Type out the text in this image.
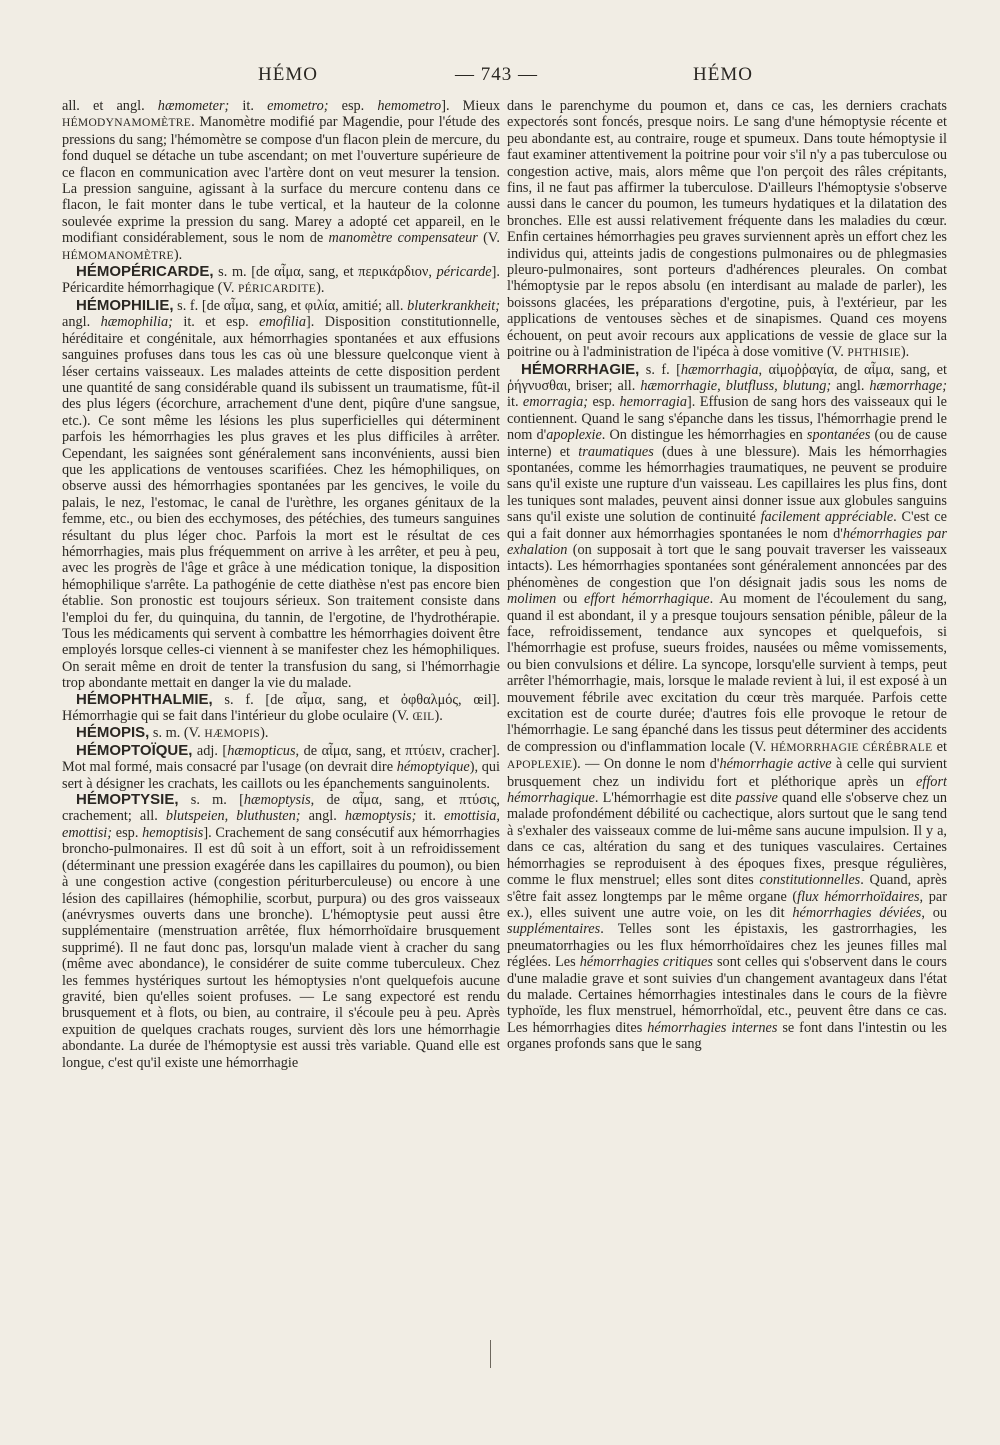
HÉMO	— 743 —	HÉMO

all. et angl. hæmometer; it. emometro; esp. hemometro]. Mieux HÉMODYNAMOMÈTRE. Manomètre modifié par Magendie, pour l'étude des pressions du sang; l'hémomètre se compose d'un flacon plein de mercure, du fond duquel se détache un tube ascendant; on met l'ouverture supérieure de ce flacon en communication avec l'artère dont on veut mesurer la tension. La pression sanguine, agissant à la surface du mercure contenu dans ce flacon, le fait monter dans le tube vertical, et la hauteur de la colonne soulevée exprime la pression du sang. Marey a adopté cet appareil, en le modifiant considérablement, sous le nom de manomètre compensateur (V. HÉMOMANOMÈTRE).

HÉMOPÉRICARDE, s. m. [de αἷμα, sang, et περικάρδιον, péricarde]. Péricardite hémorrhagique (V. PÉRICARDITE).

HÉMOPHILIE, s. f. [de αἷμα, sang, et φιλία, amitié; all. bluterkrankheit; angl. hæmophilia; it. et esp. emofilia]. Disposition constitutionnelle, héréditaire et congénitale, aux hémorrhagies spontanées et aux effusions sanguines profuses dans tous les cas où une blessure quelconque vient à léser certains vaisseaux. Les malades atteints de cette disposition perdent une quantité de sang considérable quand ils subissent un traumatisme, fût-il des plus légers (écorchure, arrachement d'une dent, piqûre d'une sangsue, etc.). Ce sont même les lésions les plus superficielles qui déterminent parfois les hémorrhagies les plus graves et les plus difficiles à arrêter. Cependant, les saignées sont généralement sans inconvénients, aussi bien que les applications de ventouses scarifiées. Chez les hémophiliques, on observe aussi des hémorrhagies spontanées par les gencives, le voile du palais, le nez, l'estomac, le canal de l'urèthre, les organes génitaux de la femme, etc., ou bien des ecchymoses, des pétéchies, des tumeurs sanguines résultant du plus léger choc. Parfois la mort est le résultat de ces hémorrhagies, mais plus fréquemment on arrive à les arrêter, et peu à peu, avec les progrès de l'âge et grâce à une médication tonique, la disposition hémophilique s'arrête. La pathogénie de cette diathèse n'est pas encore bien établie. Son pronostic est toujours sérieux. Son traitement consiste dans l'emploi du fer, du quinquina, du tannin, de l'ergotine, de l'hydrothérapie. Tous les médicaments qui servent à combattre les hémorrhagies doivent être employés lorsque celles-ci viennent à se manifester chez les hémophiliques. On serait même en droit de tenter la transfusion du sang, si l'hémorrhagie trop abondante mettait en danger la vie du malade.

HÉMOPHTHALMIE, s. f. [de αἷμα, sang, et ὀφθαλμός, œil]. Hémorrhagie qui se fait dans l'intérieur du globe oculaire (V. ŒIL).

HÉMOPIS, s. m. (V. HÆMOPIS).

HÉMOPTOÏQUE, adj. [hæmopticus, de αἷμα, sang, et πτύειν, cracher]. Mot mal formé, mais consacré par l'usage (on devrait dire hémoptyique), qui sert à désigner les crachats, les caillots ou les épanchements sanguinolents.

HÉMOPTYSIE, s. m. [hæmoptysis, de αἷμα, sang, et πτύσις, crachement; all. blutspeien, bluthusten; angl. hæmoptysis; it. emottisia, emottisi; esp. hemoptisis]. Crachement de sang consécutif aux hémorrhagies broncho-pulmonaires. Il est dû soit à un effort, soit à un refroidissement (déterminant une pression exagérée dans les capillaires du poumon), ou bien à une congestion active (congestion périturberculeuse) ou encore à une lésion des capillaires (hémophilie, scorbut, purpura) ou des gros vaisseaux (anévrysmes ouverts dans une bronche). L'hémoptysie peut aussi être supplémentaire (menstruation arrêtée, flux hémorrhoïdaire brusquement supprimé). Il ne faut donc pas, lorsqu'un malade vient à cracher du sang (même avec abondance), le considérer de suite comme tuberculeux. Chez les femmes hystériques surtout les hémoptysies n'ont quelquefois aucune gravité, bien qu'elles soient profuses. — Le sang expectoré est rendu brusquement et à flots, ou bien, au contraire, il s'écoule peu à peu. Après expuition de quelques crachats rouges, survient dès lors une hémorrhagie abondante. La durée de l'hémoptysie est aussi très variable. Quand elle est longue, c'est qu'il existe une hémorrhagie

dans le parenchyme du poumon et, dans ce cas, les derniers crachats expectorés sont foncés, presque noirs. Le sang d'une hémoptysie récente et peu abondante est, au contraire, rouge et spumeux. Dans toute hémoptysie il faut examiner attentivement la poitrine pour voir s'il n'y a pas tuberculose ou congestion active, mais, alors même que l'on perçoit des râles crépitants, fins, il ne faut pas affirmer la tuberculose. D'ailleurs l'hémoptysie s'observe aussi dans le cancer du poumon, les tumeurs hydatiques et la dilatation des bronches. Elle est aussi relativement fréquente dans les maladies du cœur. Enfin certaines hémorrhagies peu graves surviennent après un effort chez les individus qui, atteints jadis de congestions pulmonaires ou de phlegmasies pleuro-pulmonaires, sont porteurs d'adhérences pleurales. On combat l'hémoptysie par le repos absolu (en interdisant au malade de parler), les boissons glacées, les préparations d'ergotine, puis, à l'extérieur, par les applications de ventouses sèches et de sinapismes. Quand ces moyens échouent, on peut avoir recours aux applications de vessie de glace sur la poitrine ou à l'administration de l'ipéca à dose vomitive (V. PHTHISIE).

HÉMORRHAGIE, s. f. [hæmorrhagia, αἱμοῤῥαγία, de αἷμα, sang, et ῥήγνυσθαι, briser; all. hæmorrhagie, blutfluss, blutung; angl. hæmorrhage; it. emorragia; esp. hemorragia]. Effusion de sang hors des vaisseaux qui le contiennent. Quand le sang s'épanche dans les tissus, l'hémorrhagie prend le nom d'apoplexie. On distingue les hémorrhagies en spontanées (ou de cause interne) et traumatiques (dues à une blessure). Mais les hémorrhagies spontanées, comme les hémorrhagies traumatiques, ne peuvent se produire sans qu'il existe une rupture d'un vaisseau. Les capillaires les plus fins, dont les tuniques sont malades, peuvent ainsi donner issue aux globules sanguins sans qu'il existe une solution de continuité facilement appréciable. C'est ce qui a fait donner aux hémorrhagies spontanées le nom d'hémorrhagies par exhalation (on supposait à tort que le sang pouvait traverser les vaisseaux intacts). Les hémorrhagies spontanées sont généralement annoncées par des phénomènes de congestion que l'on désignait jadis sous les noms de molimen ou effort hémorrhagique. Au moment de l'écoulement du sang, quand il est abondant, il y a presque toujours sensation pénible, pâleur de la face, refroidissement, tendance aux syncopes et quelquefois, si l'hémorrhagie est profuse, sueurs froides, nausées ou même vomissements, ou bien convulsions et délire. La syncope, lorsqu'elle survient à temps, peut arrêter l'hémorrhagie, mais, lorsque le malade revient à lui, il est exposé à un mouvement fébrile avec excitation du cœur très marquée. Parfois cette excitation est de courte durée; d'autres fois elle provoque le retour de l'hémorrhagie. Le sang épanché dans les tissus peut déterminer des accidents de compression ou d'inflammation locale (V. HÉMORRHAGIE CÉRÉBRALE et APOPLEXIE). — On donne le nom d'hémorrhagie active à celle qui survient brusquement chez un individu fort et pléthorique après un effort hémorrhagique. L'hémorrhagie est dite passive quand elle s'observe chez un malade profondément débilité ou cachectique, alors surtout que le sang tend à s'exhaler des vaisseaux comme de lui-même sans aucune impulsion. Il y a, dans ce cas, altération du sang et des tuniques vasculaires. Certaines hémorrhagies se reproduisent à des époques fixes, presque régulières, comme le flux menstruel; elles sont dites constitutionnelles. Quand, après s'être fait assez longtemps par le même organe (flux hémorrhoïdaires, par ex.), elles suivent une autre voie, on les dit hémorrhagies déviées, ou supplémentaires. Telles sont les épistaxis, les gastrorrhagies, les pneumatorrhagies ou les flux hémorrhoïdaires chez les jeunes filles mal réglées. Les hémorrhagies critiques sont celles qui s'observent dans le cours d'une maladie grave et sont suivies d'un changement avantageux dans l'état du malade. Certaines hémorrhagies intestinales dans le cours de la fièvre typhoïde, les flux menstruel, hémorrhoïdal, etc., peuvent être dans ce cas. Les hémorrhagies dites hémorrhagies internes se font dans l'intestin ou les organes profonds sans que le sang
